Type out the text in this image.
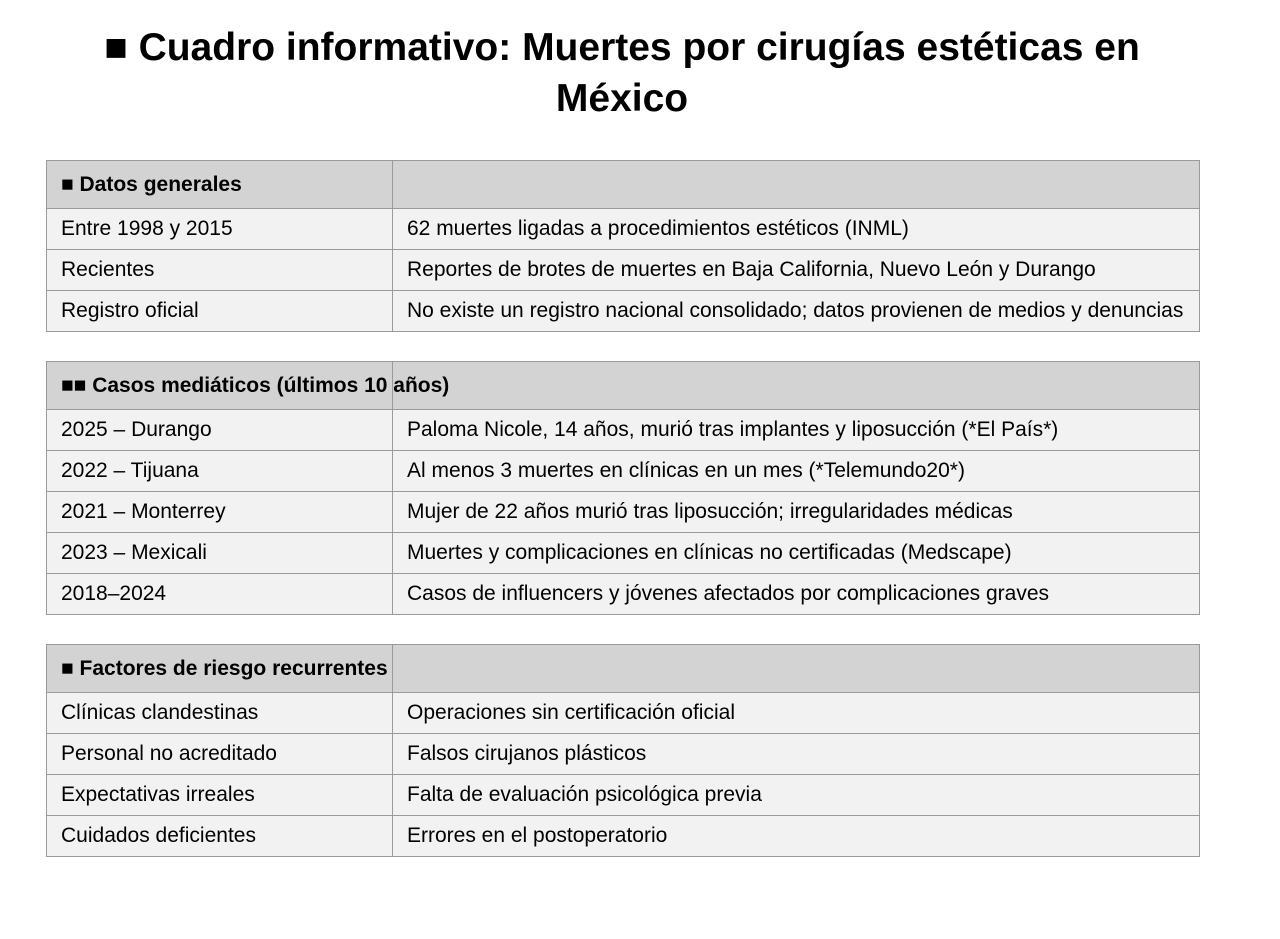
■ Cuadro informativo: Muertes por cirugías estéticas en México
■ Datos generales	
Entre 1998 y 2015	62 muertes ligadas a procedimientos estéticos (INML)
Recientes	Reportes de brotes de muertes en Baja California, Nuevo León y Durango
Registro oficial	No existe un registro nacional consolidado; datos provienen de medios y denuncias
■■ Casos mediáticos (últimos 10 años)	
2025 – Durango	Paloma Nicole, 14 años, murió tras implantes y liposucción (*El País*)
2022 – Tijuana	Al menos 3 muertes en clínicas en un mes (*Telemundo20*)
2021 – Monterrey	Mujer de 22 años murió tras liposucción; irregularidades médicas
2023 – Mexicali	Muertes y complicaciones en clínicas no certificadas (Medscape)
2018–2024	Casos de influencers y jóvenes afectados por complicaciones graves
■ Factores de riesgo recurrentes	
Clínicas clandestinas	Operaciones sin certificación oficial
Personal no acreditado	Falsos cirujanos plásticos
Expectativas irreales	Falta de evaluación psicológica previa
Cuidados deficientes	Errores en el postoperatorio
